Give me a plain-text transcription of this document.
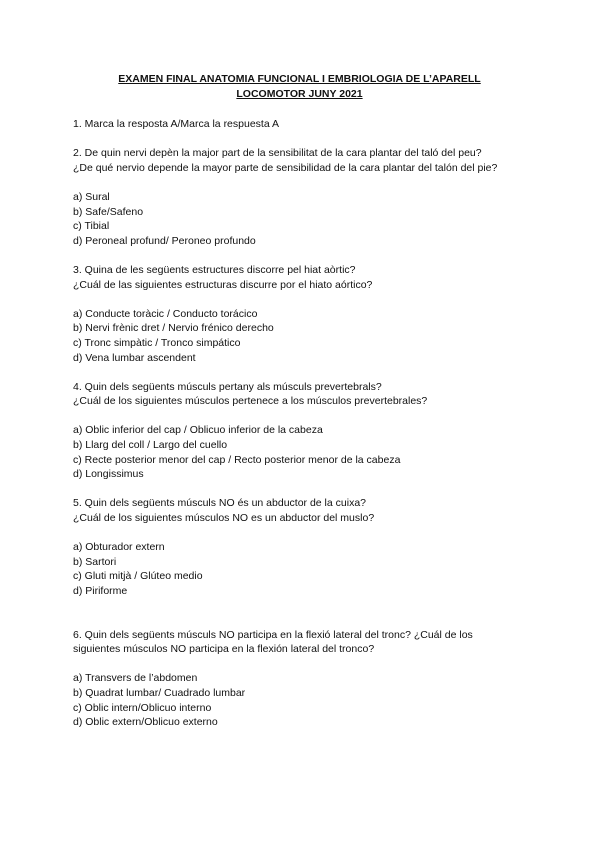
EXAMEN FINAL ANATOMIA FUNCIONAL I EMBRIOLOGIA DE L’APARELL
LOCOMOTOR JUNY 2021

1. Marca la resposta A/Marca la respuesta A

2. De quin nervi depèn la major part de la sensibilitat de la cara plantar del taló del peu?

¿De qué nervio depende la mayor parte de sensibilidad de la cara plantar del talón del pie?

a) Sural

b) Safe/Safeno

c) Tibial

d) Peroneal profund/ Peroneo profundo

3. Quina de les següents estructures discorre pel hiat aòrtic?

¿Cuál de las siguientes estructuras discurre por el hiato aórtico?

a) Conducte toràcic / Conducto torácico

b) Nervi frènic dret / Nervio frénico derecho

c) Tronc simpàtic / Tronco simpático

d) Vena lumbar ascendent

4. Quin dels següents músculs pertany als músculs prevertebrals?

¿Cuál de los siguientes músculos pertenece a los músculos prevertebrales?

a) Oblic inferior del cap / Oblicuo inferior de la cabeza

b) Llarg del coll / Largo del cuello

c) Recte posterior menor del cap / Recto posterior menor de la cabeza

d) Longissimus

5. Quin dels següents músculs NO és un abductor de la cuixa?

¿Cuál de los siguientes músculos NO es un abductor del muslo?

a) Obturador extern

b) Sartori

c) Gluti mitjà / Glúteo medio

d) Piriforme

6. Quin dels següents músculs NO participa en la flexió lateral del tronc? ¿Cuál de los

siguientes músculos NO participa en la flexión lateral del tronco?

a) Transvers de l’abdomen

b) Quadrat lumbar/ Cuadrado lumbar

c) Oblic intern/Oblicuo interno

d) Oblic extern/Oblicuo externo
